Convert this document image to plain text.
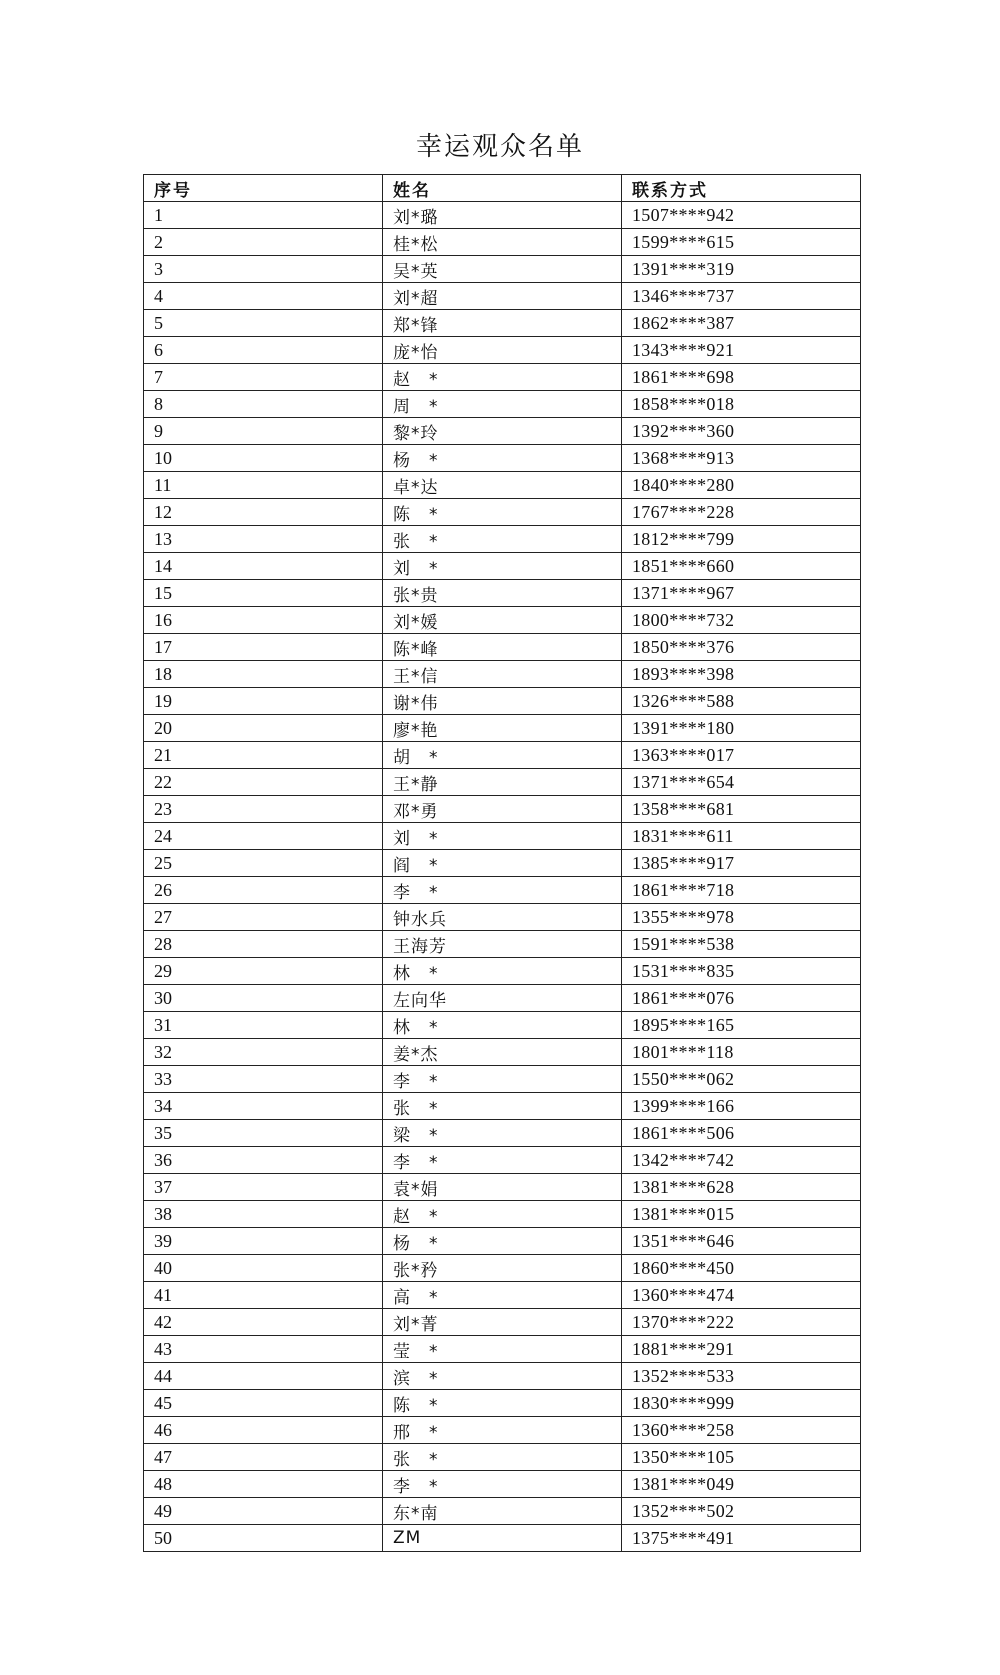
幸运观众名单
序号	姓名	联系方式
1	刘*璐	1507****942
2	桂*松	1599****615
3	吴*英	1391****319
4	刘*超	1346****737
5	郑*锋	1862****387
6	庞*怡	1343****921
7	赵　*	1861****698
8	周　*	1858****018
9	黎*玲	1392****360
10	杨　*	1368****913
11	卓*达	1840****280
12	陈　*	1767****228
13	张　*	1812****799
14	刘　*	1851****660
15	张*贵	1371****967
16	刘*媛	1800****732
17	陈*峰	1850****376
18	王*信	1893****398
19	谢*伟	1326****588
20	廖*艳	1391****180
21	胡　*	1363****017
22	王*静	1371****654
23	邓*勇	1358****681
24	刘　*	1831****611
25	阎　*	1385****917
26	李　*	1861****718
27	钟水兵	1355****978
28	王海芳	1591****538
29	林　*	1531****835
30	左向华	1861****076
31	林　*	1895****165
32	姜*杰	1801****118
33	李　*	1550****062
34	张　*	1399****166
35	梁　*	1861****506
36	李　*	1342****742
37	袁*娟	1381****628
38	赵　*	1381****015
39	杨　*	1351****646
40	张*矜	1860****450
41	高　*	1360****474
42	刘*菁	1370****222
43	莹　*	1881****291
44	滨　*	1352****533
45	陈　*	1830****999
46	邢　*	1360****258
47	张　*	1350****105
48	李　*	1381****049
49	东*南	1352****502
50	ZM	1375****491
